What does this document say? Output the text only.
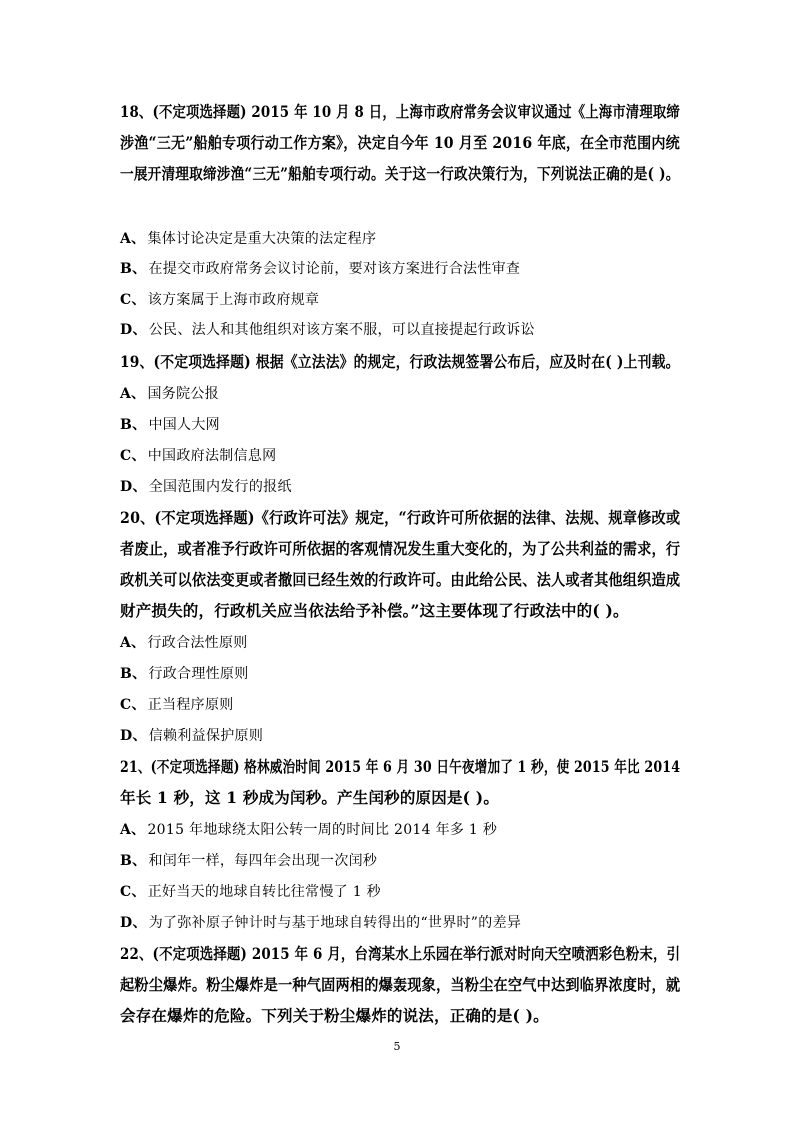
18、(不定项选择题) 2015 年 10 月 8 日，上海市政府常务会议审议通过《上海市清理取缔
涉渔“三无”船舶专项行动工作方案》，决定自今年 10 月至 2016 年底，在全市范围内统
一展开清理取缔涉渔“三无”船舶专项行动。关于这一行政决策行为，下列说法正确的是( )。
A、 集体讨论决定是重大决策的法定程序
B、 在提交市政府常务会议讨论前，要对该方案进行合法性审查
C、 该方案属于上海市政府规章
D、 公民、法人和其他组织对该方案不服，可以直接提起行政诉讼
19、(不定项选择题) 根据《立法法》的规定，行政法规签署公布后，应及时在( )上刊载。
A、 国务院公报
B、 中国人大网
C、 中国政府法制信息网
D、 全国范围内发行的报纸
20、(不定项选择题)《行政许可法》规定，“行政许可所依据的法律、法规、规章修改或
者废止，或者准予行政许可所依据的客观情况发生重大变化的，为了公共利益的需求，行
政机关可以依法变更或者撤回已经生效的行政许可。由此给公民、法人或者其他组织造成
财产损失的，行政机关应当依法给予补偿。”这主要体现了行政法中的( )。
A、 行政合法性原则
B、 行政合理性原则
C、 正当程序原则
D、 信赖利益保护原则
21、(不定项选择题) 格林威治时间 2015 年 6 月 30 日午夜增加了 1 秒，使 2015 年比 2014
年长 1 秒，这 1 秒成为闰秒。产生闰秒的原因是( )。
A、 2015 年地球绕太阳公转一周的时间比 2014 年多 1 秒
B、 和闰年一样，每四年会出现一次闰秒
C、 正好当天的地球自转比往常慢了 1 秒
D、 为了弥补原子钟计时与基于地球自转得出的“世界时”的差异
22、(不定项选择题) 2015 年 6 月，台湾某水上乐园在举行派对时向天空喷洒彩色粉末，引
起粉尘爆炸。粉尘爆炸是一种气固两相的爆轰现象，当粉尘在空气中达到临界浓度时，就
会存在爆炸的危险。下列关于粉尘爆炸的说法，正确的是( )。
5
